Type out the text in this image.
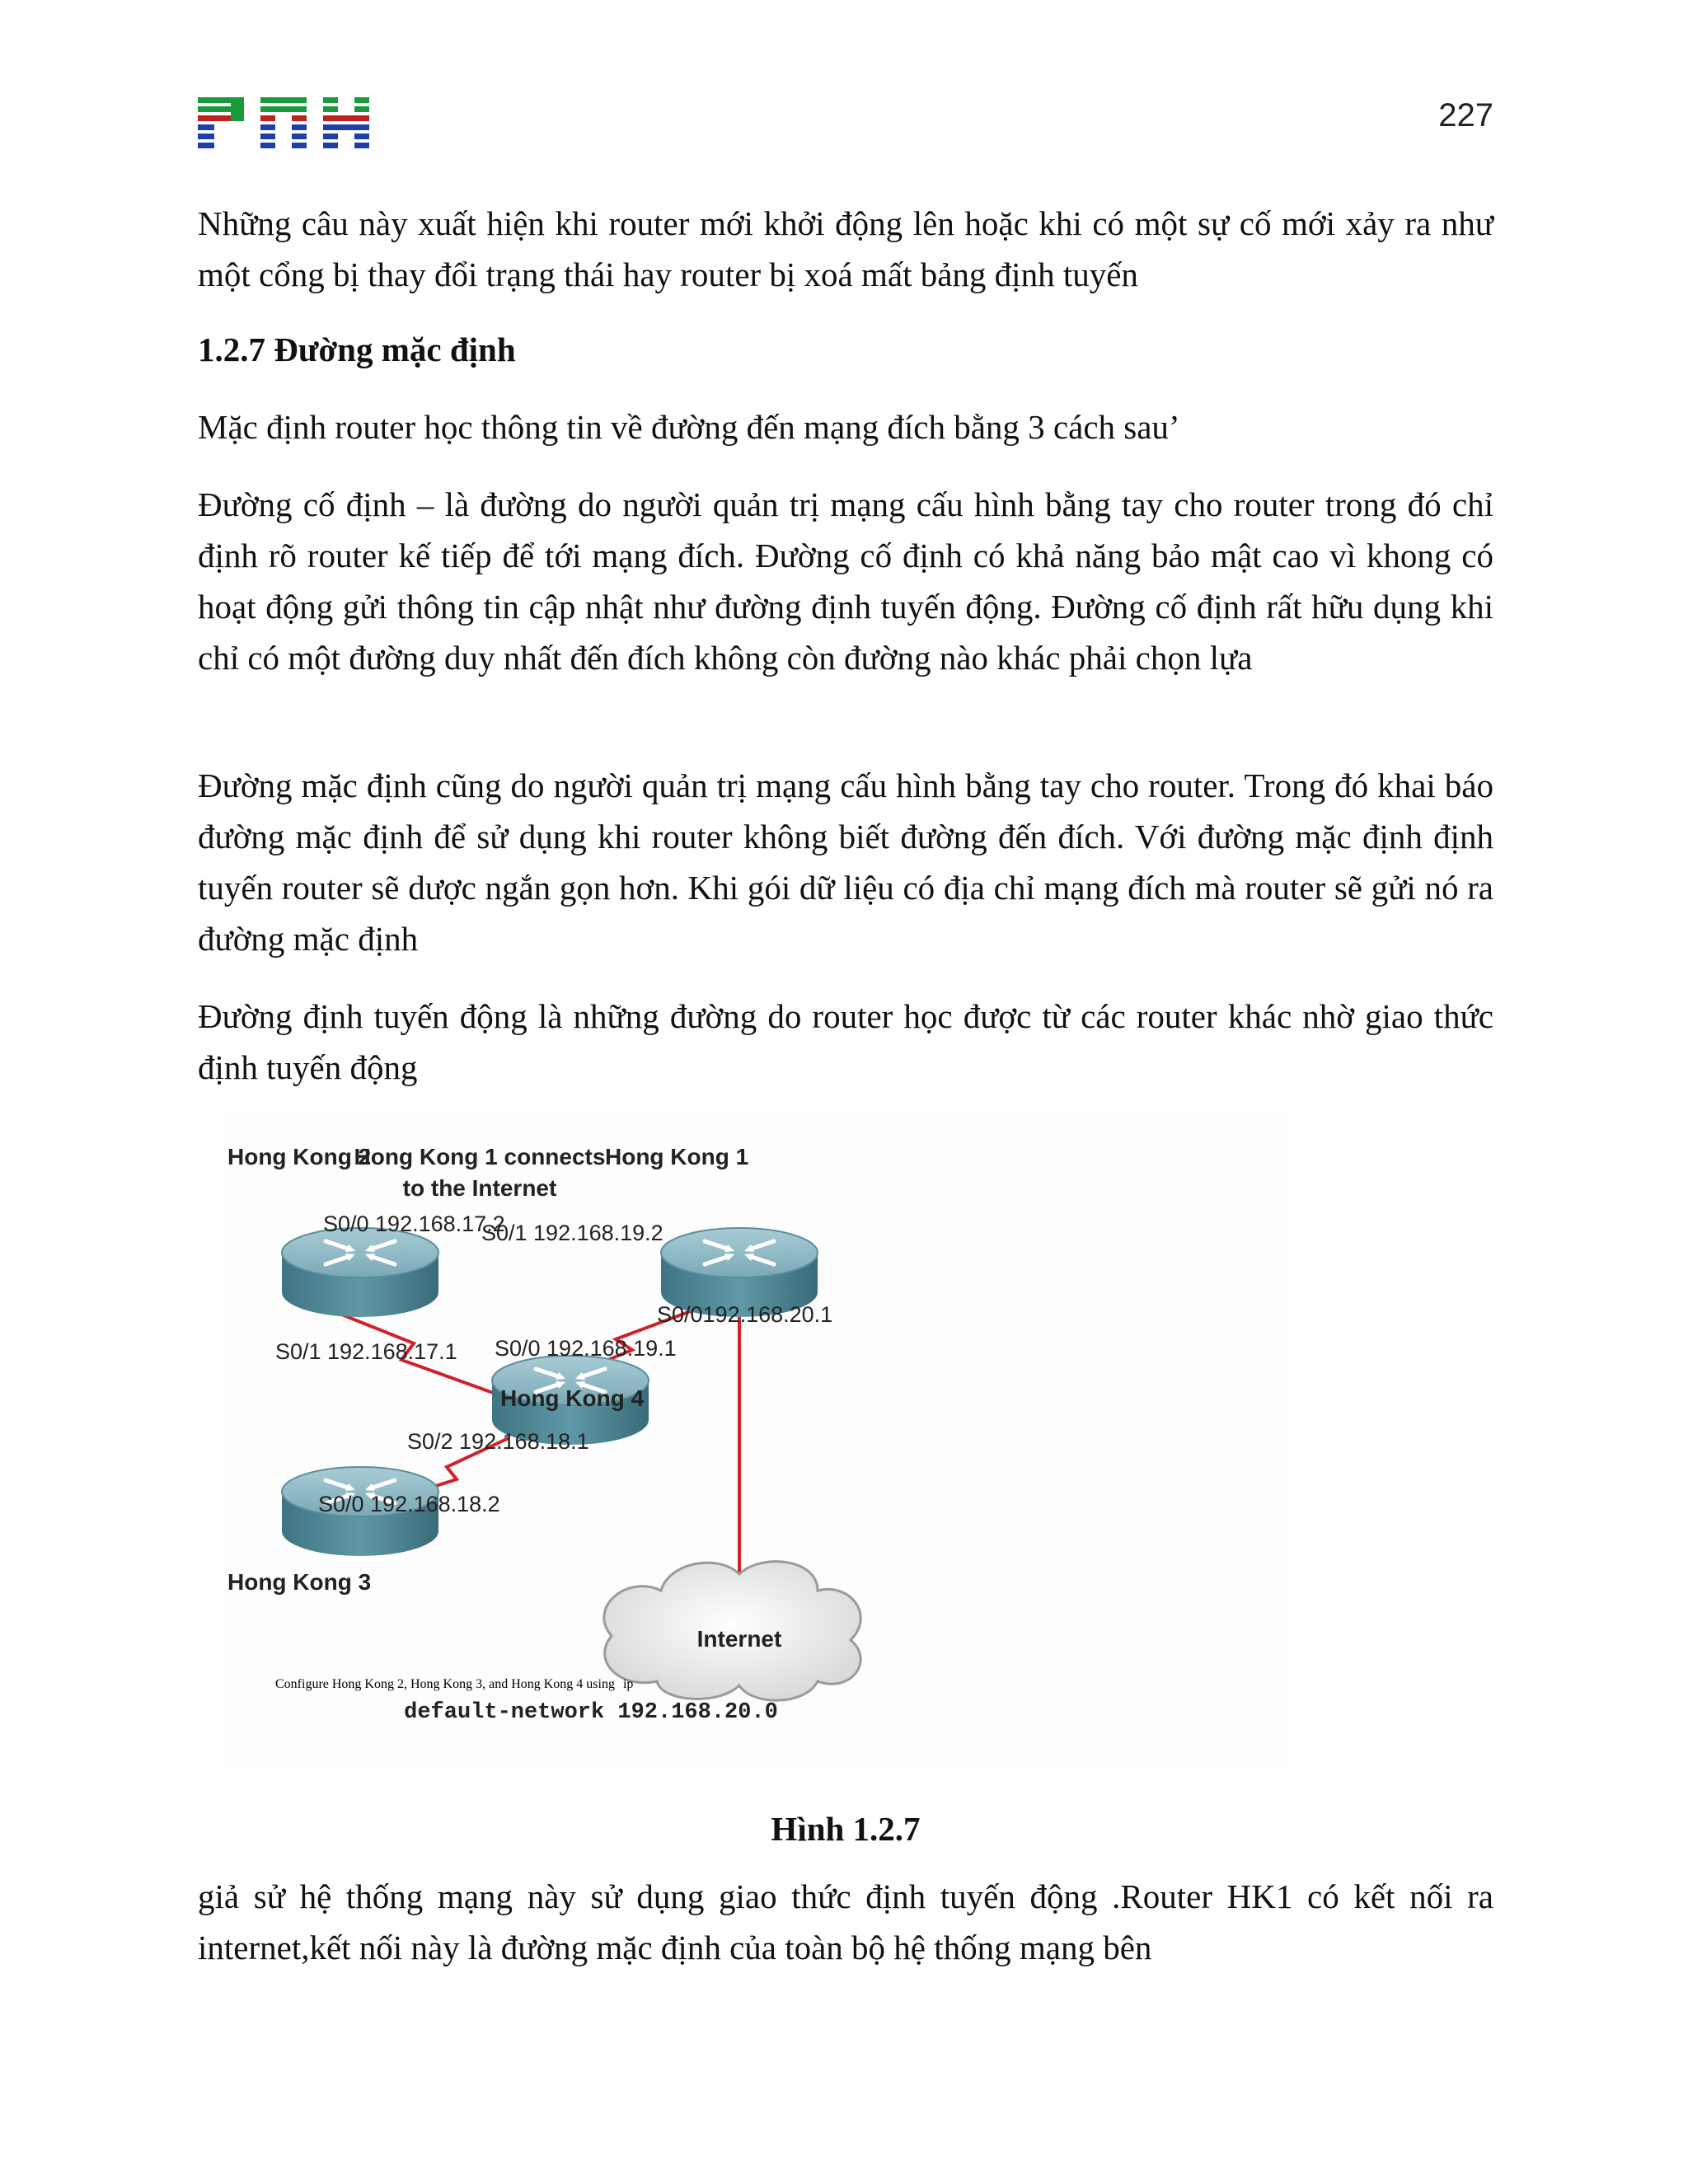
227

Những câu này xuất hiện khi router mới khởi động lên hoặc khi có một sự cố mới xảy ra như một cổng bị thay đổi trạng thái hay router bị xoá mất bảng định tuyến

1.2.7 Đường mặc định

Mặc định router học thông tin về đường đến mạng đích bằng 3 cách sau’

Đường cố định – là đường do người quản trị mạng cấu hình bằng tay cho router trong đó chỉ định rõ router kế tiếp để tới mạng đích. Đường cố định có khả năng bảo mật cao vì khong có hoạt động gửi thông tin cập nhật như đường định tuyến động. Đường cố định rất hữu dụng khi chỉ có một đường duy nhất đến đích không còn đường nào khác phải chọn lựa

Đường mặc định cũng do người quản trị mạng cấu hình bằng tay cho router. Trong đó khai báo đường mặc định để sử dụng khi router không biết đường đến đích. Với đường mặc định định tuyến router sẽ dược ngắn gọn hơn. Khi gói dữ liệu có địa chỉ mạng đích mà router sẽ gửi nó ra đường mặc định

Đường định tuyến động là những đường do router học được từ các router khác nhờ giao thức định tuyến động

Internet
Hong Kong 2	Hong Kong 1
Hong Kong 4
Hong Kong 3
Hong Kong 1 connects
to the Internet
S0/0 192.168.17.2
S0/1 192.168.19.2
S0/0192.168.20.1
S0/1 192.168.17.1 S0/0 192.168.19.1
S0/2 192.168.18.1
S0/0 192.168.18.2
Configure Hong Kong 2, Hong Kong 3, and Hong Kong 4 using ip
default-network 192.168.20.0
Hình 1.2.7

giả sử hệ thống mạng này sử dụng giao thức định tuyến động .Router HK1 có kết nối ra internet,kết nối này là đường mặc định của toàn bộ hệ thống mạng bên
